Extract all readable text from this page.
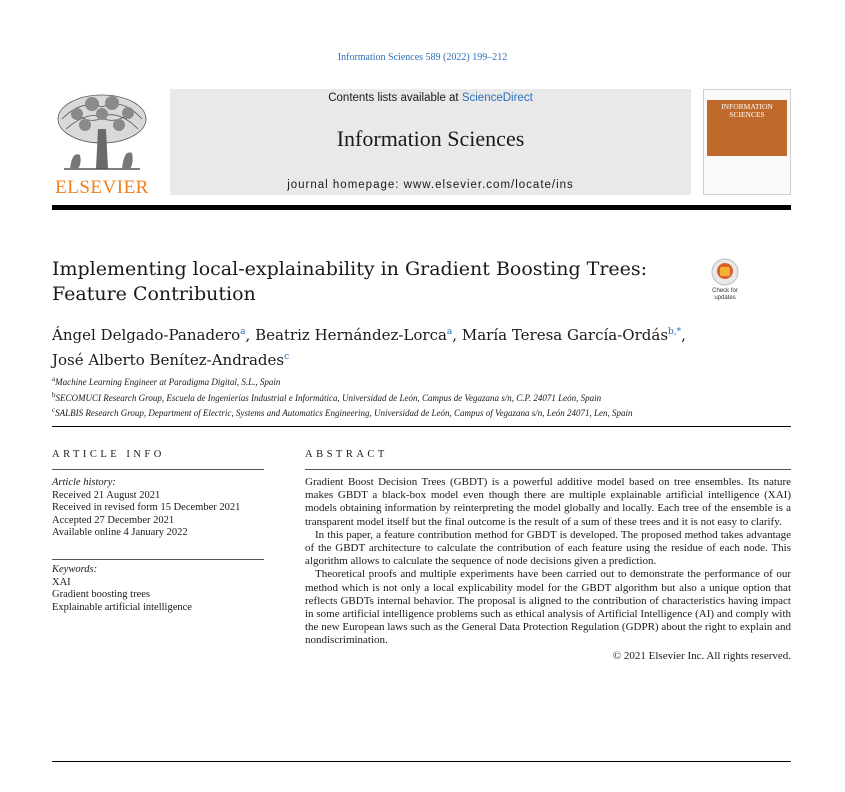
Information Sciences 589 (2022) 199–212
ELSEVIER
Contents lists available at ScienceDirect
Information Sciences
journal homepage: www.elsevier.com/locate/ins
INFORMATION SCIENCES
Implementing local-explainability in Gradient Boosting Trees: Feature Contribution	Check for updates
Ángel Delgado-Panadero$^a$, Beatriz Hernández-Lorca$^a$, María Teresa García-Ordás$^{b,*}$,
José Alberto Benítez-Andrades$^c$
$^a$Machine Learning Engineer at Paradigma Digital, S.L., Spain
$^b$SECOMUCI Research Group, Escuela de Ingenierías Industrial e Informática, Universidad de León, Campus de Vegazana s/n, C.P. 24071 León, Spain
$^c$SALBIS Research Group, Department of Electric, Systems and Automatics Engineering, Universidad de León, Campus of Vegazana s/n, León 24071, Len, Spain
ARTICLE INFO
Article history:
Received 21 August 2021
Received in revised form 15 December 2021
Accepted 27 December 2021
Available online 4 January 2022
Keywords:
XAI
Gradient boosting trees
Explainable artificial intelligence
ABSTRACT

Gradient Boost Decision Trees (GBDT) is a powerful additive model based on tree ensembles. Its nature makes GBDT a black-box model even though there are multiple explainable artificial intelligence (XAI) models obtaining information by reinterpreting the model globally and locally. Each tree of the ensemble is a transparent model itself but the final outcome is the result of a sum of these trees and it is not easy to clarify.

In this paper, a feature contribution method for GBDT is developed. The proposed method takes advantage of the GBDT architecture to calculate the contribution of each feature using the residue of each node. This algorithm allows to calculate the sequence of node decisions given a prediction.

Theoretical proofs and multiple experiments have been carried out to demonstrate the performance of our method which is not only a local explicability model for the GBDT algorithm but also a unique option that reflects GBDTs internal behavior. The proposal is aligned to the contribution of characteristics having impact in some artificial intelligence problems such as ethical analysis of Artificial Intelligence (AI) and comply with the new European laws such as the General Data Protection Regulation (GDPR) about the right to explain and nondiscrimination.

© 2021 Elsevier Inc. All rights reserved.
